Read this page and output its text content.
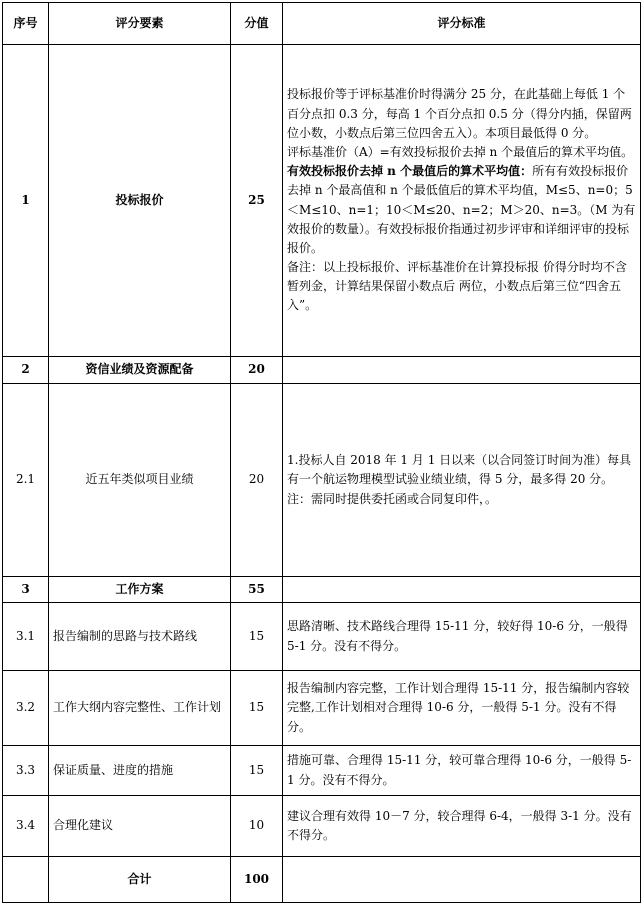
序号	评分要素	分值	评分标准
1	投标报价	25	投标报价等于评标基准价时得满分 25 分，在此基础上每低 1 个百分点扣 0.3 分，每高 1 个百分点扣 0.5 分（得分内插，保留两位小数，小数点后第三位四舍五入）。本项目最低得 0 分。

评标基准价（A）=有效投标报价去掉 n 个最值后的算术平均值。

有效投标报价去掉 n 个最值后的算术平均值：所有有效投标报价去掉 n 个最高值和 n 个最低值后的算术平均值，M≤5、n=0；5 ＜M≤10、n=1；10＜M≤20、n=2；M＞20、n=3。（M 为有效报价的数量）。有效投标报价指通过初步评审和详细评审的投标报价。

备注：以上投标报价、评标基准价在计算投标报 价得分时均不含暂列金，计算结果保留小数点后 两位，小数点后第三位“四舍五入”。

2	资信业绩及资源配备	20	
2.1	近五年类似项目业绩	20	1.投标人自 2018 年 1 月 1 日以来（以合同签订时间为准）每具有一个航运物理模型试验业绩业绩，得 5 分，最多得 20 分。

注：需同时提供委托函或合同复印件，。

3	工作方案	55	
3.1	报告编制的思路与技术路线	15	思路清晰、技术路线合理得 15-11 分，较好得 10-6 分，一般得 5-1 分。没有不得分。
3.2	工作大纲内容完整性、工作计划	15	报告编制内容完整，工作计划合理得 15-11 分，报告编制内容较完整,工作计划相对合理得 10-6 分，一般得 5-1 分。没有不得分。
3.3	保证质量、进度的措施	15	措施可靠、合理得 15-11 分，较可靠合理得 10-6 分，一般得 5-1 分。没有不得分。
3.4	合理化建议	10	建议合理有效得 10－7 分，较合理得 6-4，一般得 3-1 分。没有不得分。
	合计	100	
